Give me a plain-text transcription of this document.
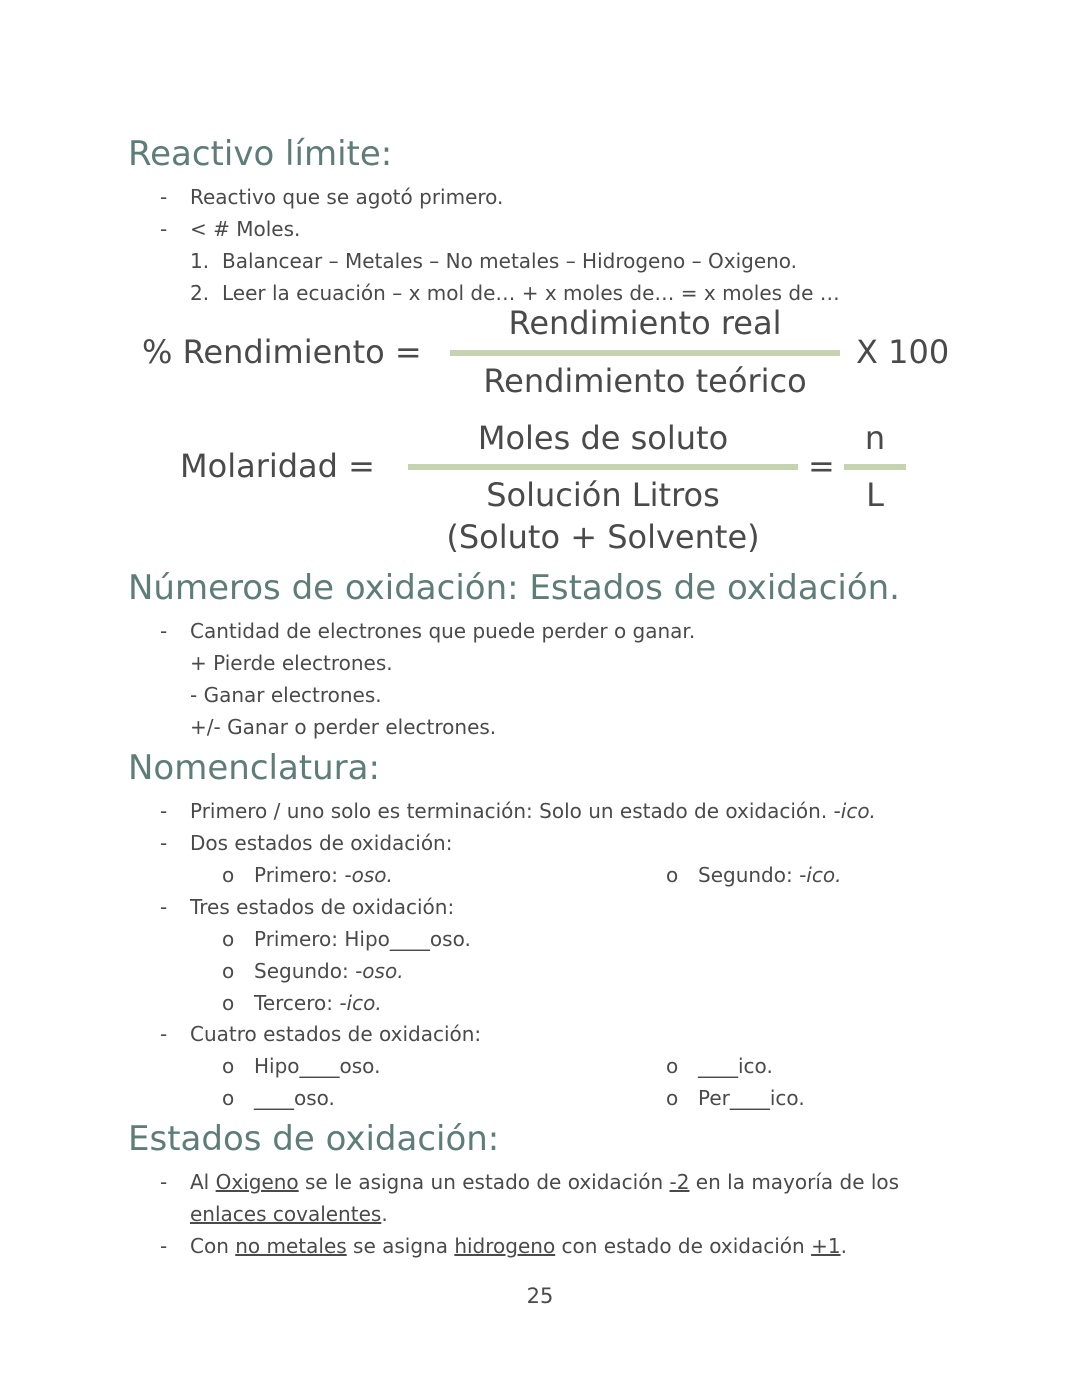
Reactivo límite:
- Reactivo que se agotó primero.
- < # Moles.
1. Balancear – Metales – No metales – Hidrogeno – Oxigeno.
2. Leer la ecuación – x mol de… + x moles de… = x moles de …
% Rendimiento =
Rendimiento real
Rendimiento teórico
X 100
Molaridad =
Moles de soluto
Solución Litros
(Soluto + Solvente)
=
n
L
Números de oxidación: Estados de oxidación.
- Cantidad de electrones que puede perder o ganar.
+ Pierde electrones.
- Ganar electrones.
+/- Ganar o perder electrones.
Nomenclatura:
- Primero / uno solo es terminación: Solo un estado de oxidación. -ico.
- Dos estados de oxidación:
o Primero: -oso.	o Segundo: -ico.
- Tres estados de oxidación:
o Primero: Hipo____oso.
o Segundo: -oso.
o Tercero: -ico.
- Cuatro estados de oxidación:
o Hipo____oso.	o ____ico.
o ____oso.	o Per____ico.
Estados de oxidación:
- Al Oxigeno se le asigna un estado de oxidación -2 en la mayoría de los
enlaces covalentes.
- Con no metales se asigna hidrogeno con estado de oxidación +1.
25
